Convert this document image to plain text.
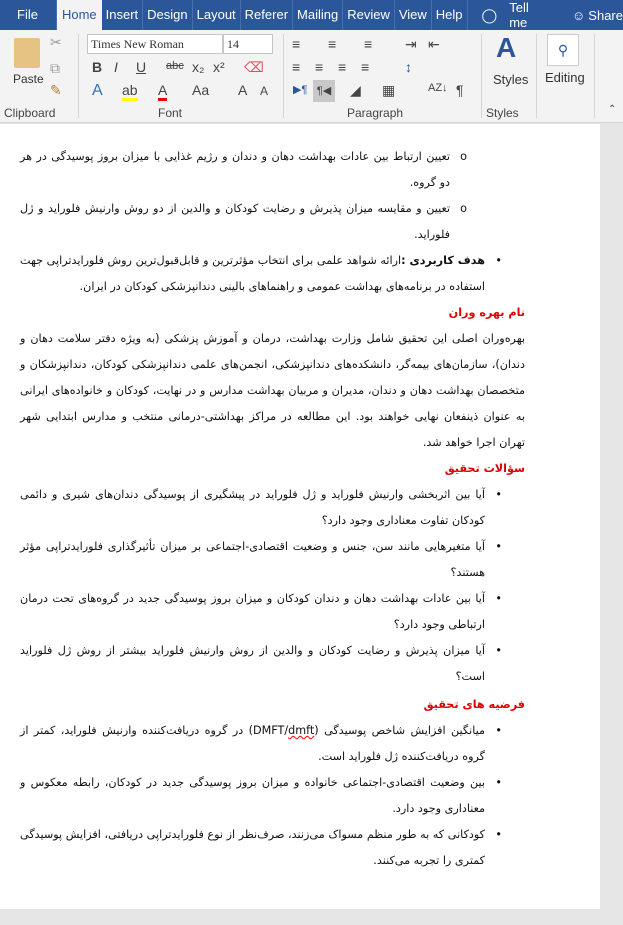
File	Home Insert Design Layout Referer Mailing Review View Help	◯ Tell me	☺ Share
Paste
✂
⧉
✎
Clipboard
Times New Roman	14
B I U abc x₂ x² ⌫
A ab A Aa A A
Font
≡ ≡ ≡ ⇥ ⇤
≡ ≡ ≡ ≡	↕
▶¶ ¶◀ ◢ ▦	AZ↓ ¶
Paragraph
A
Styles
Styles
⚲
Editing
⌃
o
تعیین ارتباط بین عادات بهداشت دهان و دندان و رژیم غذایی با میزان بروز پوسیدگی در هر دو گروه.
o
تعیین و مقایسه میزان پذیرش و رضایت کودکان و والدین از دو روش وارنیش فلوراید و ژل فلوراید.
•
هدف کاربردی :ارائه شواهد علمی برای انتخاب مؤثرترین و قابل‌قبول‌ترین روش فلورایدتراپی جهت استفاده در برنامه‌های بهداشت عمومی و راهنماهای بالینی دندانپزشکی کودکان در ایران.
نام بهره وران
بهره‌وران اصلی این تحقیق شامل وزارت بهداشت، درمان و آموزش پزشکی (به ویژه دفتر سلامت دهان و دندان)، سازمان‌های بیمه‌گر، دانشکده‌های دندانپزشکی، انجمن‌های علمی دندانپزشکی کودکان، دندانپزشکان و متخصصان بهداشت دهان و دندان، مدیران و مربیان بهداشت مدارس و در نهایت، کودکان و خانواده‌های ایرانی به عنوان ذینفعان نهایی خواهند بود. این مطالعه در مراکز بهداشتی-درمانی منتخب و مدارس ابتدایی شهر تهران اجرا خواهد شد.
سؤالات تحقیق
•
آیا بین اثربخشی وارنیش فلوراید و ژل فلوراید در پیشگیری از پوسیدگی دندان‌های شیری و دائمی کودکان تفاوت معناداری وجود دارد؟
•
آیا متغیرهایی مانند سن، جنس و وضعیت اقتصادی-اجتماعی بر میزان تأثیرگذاری فلورایدتراپی مؤثر هستند؟
•
آیا بین عادات بهداشت دهان و دندان کودکان و میزان بروز پوسیدگی جدید در گروه‌های تحت درمان ارتباطی وجود دارد؟
•
آیا میزان پذیرش و رضایت کودکان و والدین از روش وارنیش فلوراید بیشتر از روش ژل فلوراید است؟
فرضیه های تحقیق
•
میانگین افزایش شاخص پوسیدگی (dmft/DMFT) در گروه دریافت‌کننده وارنیش فلوراید، کمتر از گروه دریافت‌کننده ژل فلوراید است.
•
بین وضعیت اقتصادی-اجتماعی خانواده و میزان بروز پوسیدگی جدید در کودکان، رابطه معکوس و معناداری وجود دارد.
•
کودکانی که به طور منظم مسواک می‌زنند، صرف‌نظر از نوع فلورایدتراپی دریافتی، افزایش پوسیدگی کمتری را تجربه می‌کنند.
